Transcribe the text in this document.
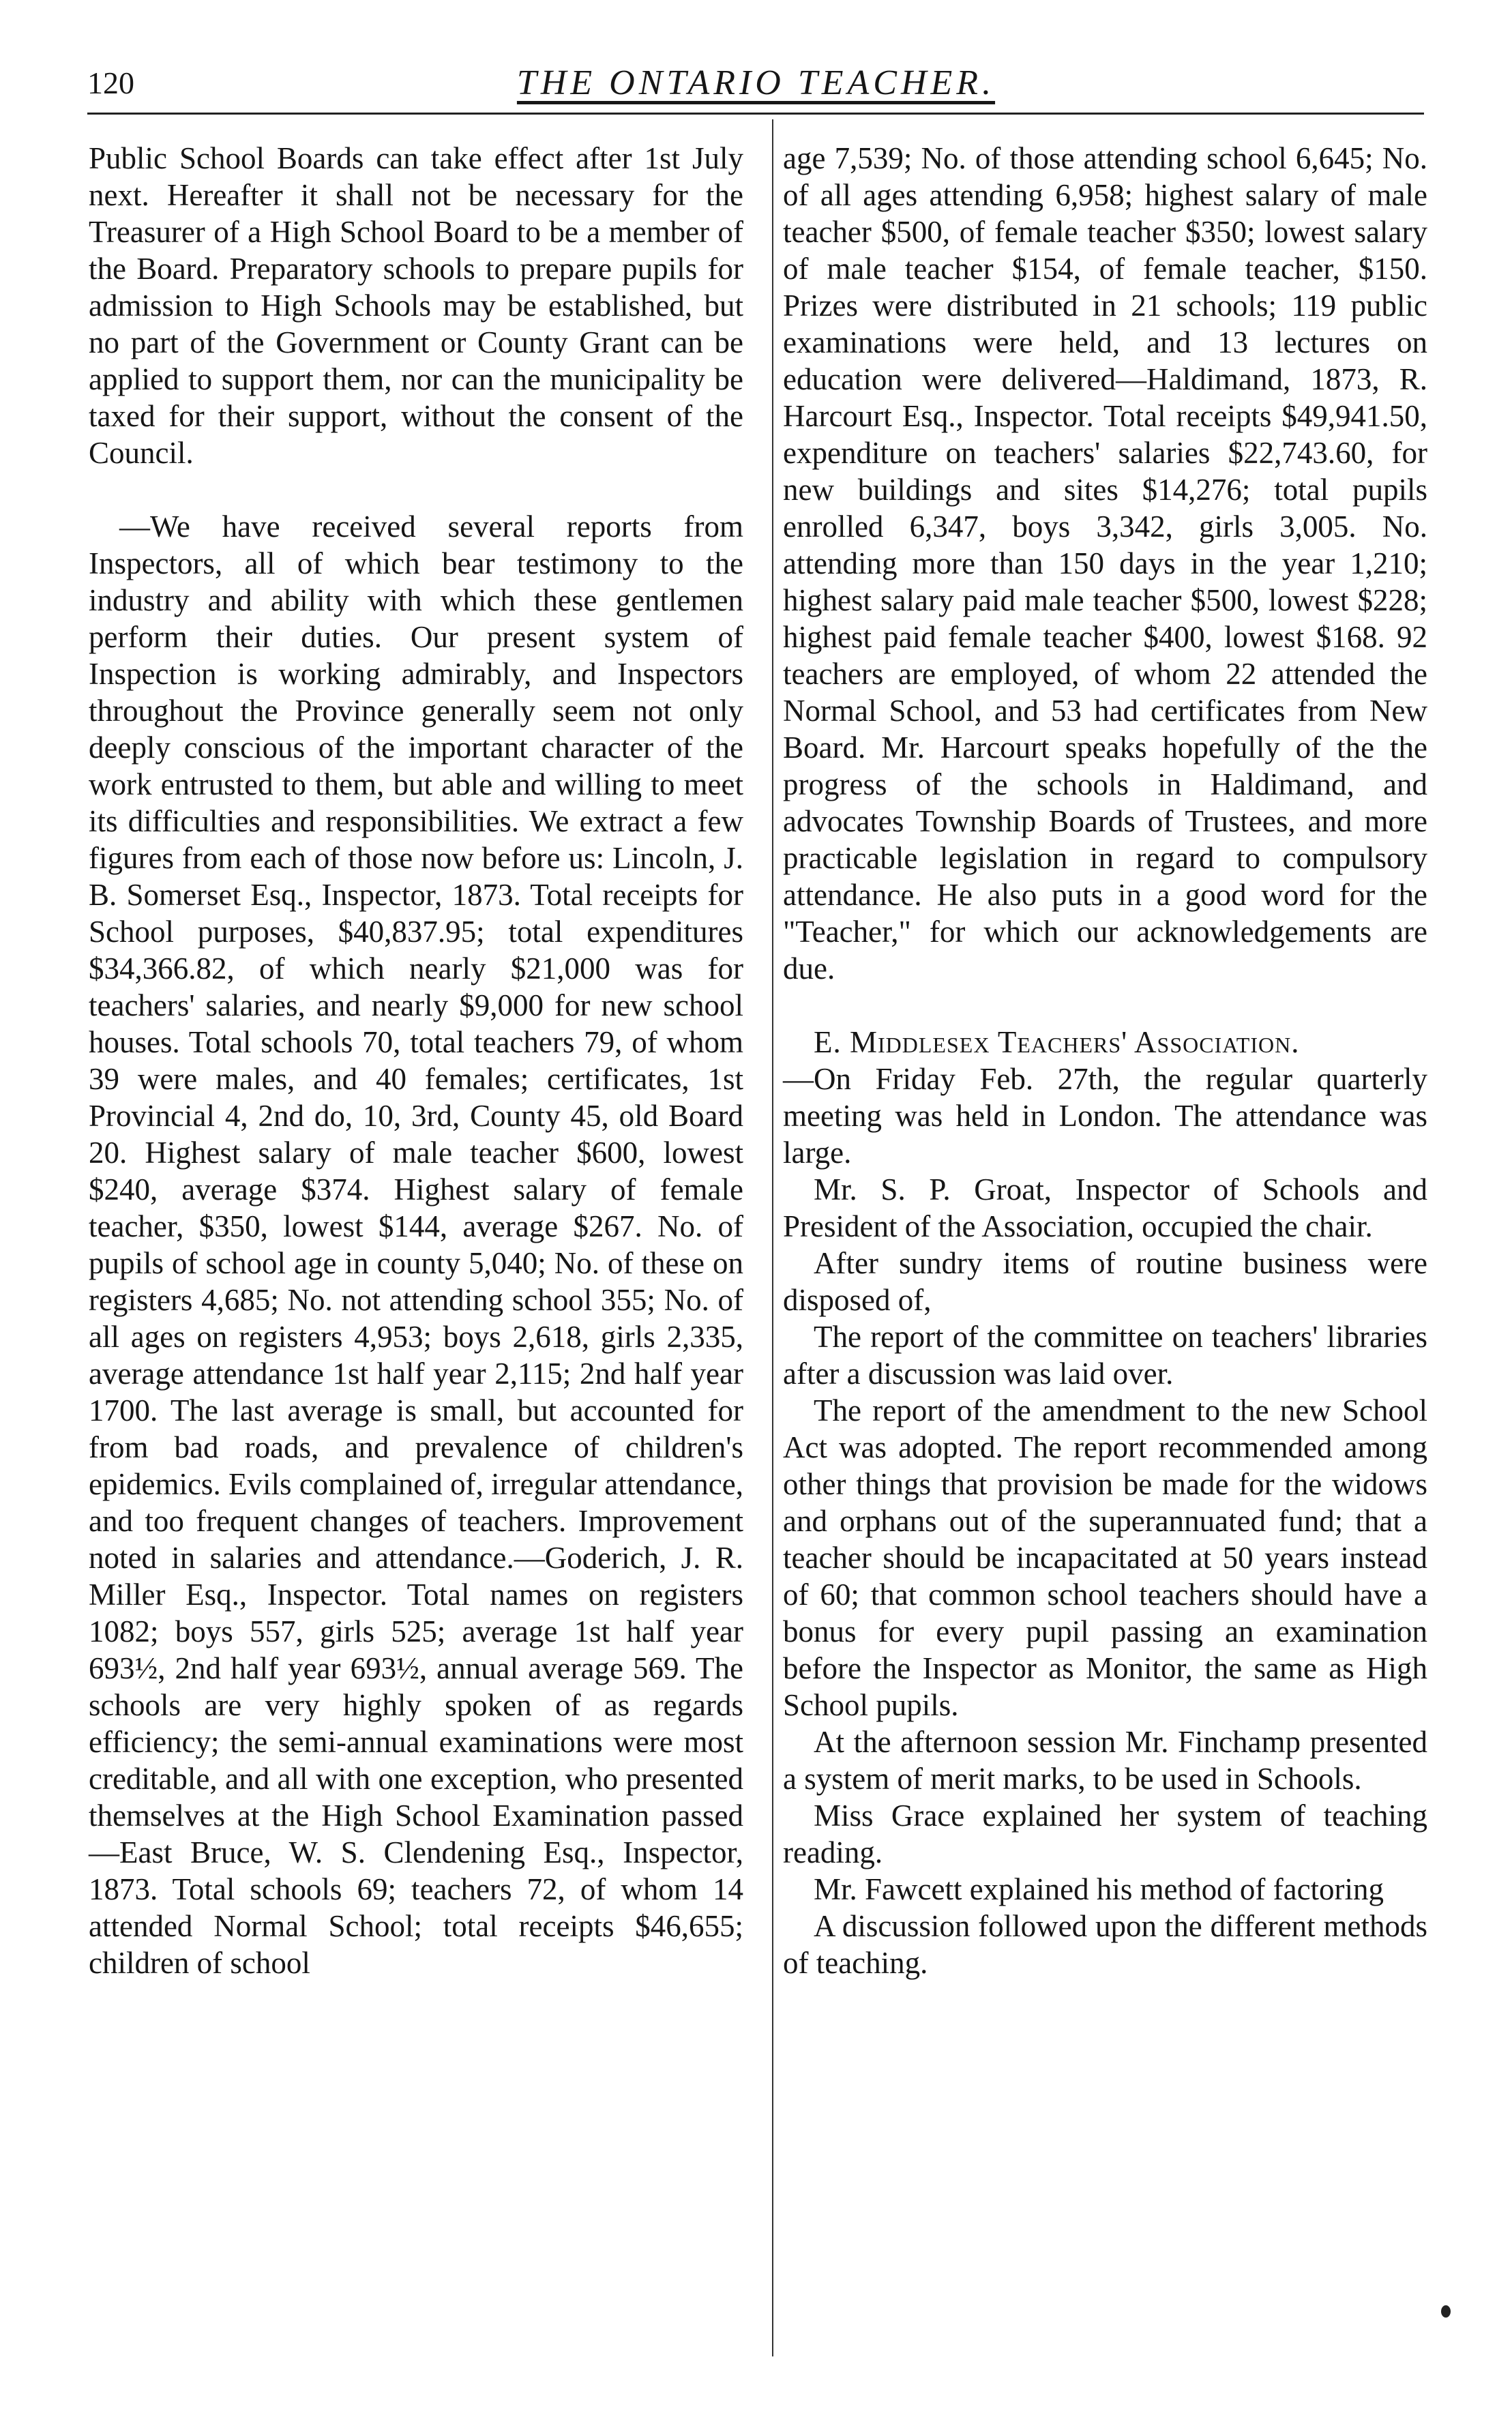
120	THE ONTARIO TEACHER.

Public School Boards can take effect after 1st July next. Hereafter it shall not be necessary for the Treasurer of a High School Board to be a member of the Board. Preparatory schools to prepare pupils for admission to High Schools may be established, but no part of the Government or County Grant can be applied to support them, nor can the municipality be taxed for their support, without the consent of the Council.

—We have received several reports from Inspectors, all of which bear testimony to the industry and ability with which these gentlemen perform their duties. Our present system of Inspection is working admirably, and Inspectors throughout the Province generally seem not only deeply conscious of the important character of the work entrusted to them, but able and willing to meet its difficulties and responsibilities. We extract a few figures from each of those now before us: Lincoln, J. B. Somerset Esq., Inspector, 1873. Total receipts for School purposes, $40,837.95; total expenditures $34,366.82, of which nearly $21,000 was for teachers' salaries, and nearly $9,000 for new school houses. Total schools 70, total teachers 79, of whom 39 were males, and 40 females; certificates, 1st Provincial 4, 2nd do, 10, 3rd, County 45, old Board 20. Highest salary of male teacher $600, lowest $240, average $374. Highest salary of female teacher, $350, lowest $144, average $267. No. of pupils of school age in county 5,040; No. of these on registers 4,685; No. not attending school 355; No. of all ages on registers 4,953; boys 2,618, girls 2,335, average attendance 1st half year 2,115; 2nd half year 1700. The last average is small, but accounted for from bad roads, and prevalence of children's epidemics. Evils complained of, irregular attendance, and too frequent changes of teachers. Improvement noted in salaries and attendance.—Goderich, J. R. Miller Esq., Inspector. Total names on registers 1082; boys 557, girls 525; average 1st half year 693½, 2nd half year 693½, annual average 569. The schools are very highly spoken of as regards efficiency; the semi-annual examinations were most creditable, and all with one exception, who presented themselves at the High School Examination passed—East Bruce, W. S. Clendening Esq., Inspector, 1873. Total schools 69; teachers 72, of whom 14 attended Normal School; total receipts $46,655; children of school

age 7,539; No. of those attending school 6,645; No. of all ages attending 6,958; highest salary of male teacher $500, of female teacher $350; lowest salary of male teacher $154, of female teacher, $150. Prizes were distributed in 21 schools; 119 public examinations were held, and 13 lectures on education were delivered—Haldimand, 1873, R. Harcourt Esq., Inspector. Total receipts $49,941.50, expenditure on teachers' salaries $22,743.60, for new buildings and sites $14,276; total pupils enrolled 6,347, boys 3,342, girls 3,005. No. attending more than 150 days in the year 1,210; highest salary paid male teacher $500, lowest $228; highest paid female teacher $400, lowest $168. 92 teachers are employed, of whom 22 attended the Normal School, and 53 had certificates from New Board. Mr. Harcourt speaks hopefully of the the progress of the schools in Haldimand, and advocates Township Boards of Trustees, and more practicable legislation in regard to compulsory attendance. He also puts in a good word for the "Teacher," for which our acknowledgements are due.

E. Middlesex Teachers' Association.

—On Friday Feb. 27th, the regular quarterly meeting was held in London. The attendance was large.

Mr. S. P. Groat, Inspector of Schools and President of the Association, occupied the chair.

After sundry items of routine business were disposed of,

The report of the committee on teachers' libraries after a discussion was laid over.

The report of the amendment to the new School Act was adopted. The report recommended among other things that provision be made for the widows and orphans out of the superannuated fund; that a teacher should be incapacitated at 50 years instead of 60; that common school teachers should have a bonus for every pupil passing an examination before the Inspector as Monitor, the same as High School pupils.

At the afternoon session Mr. Finchamp presented a system of merit marks, to be used in Schools.

Miss Grace explained her system of teaching reading.

Mr. Fawcett explained his method of factoring

A discussion followed upon the different methods of teaching.
